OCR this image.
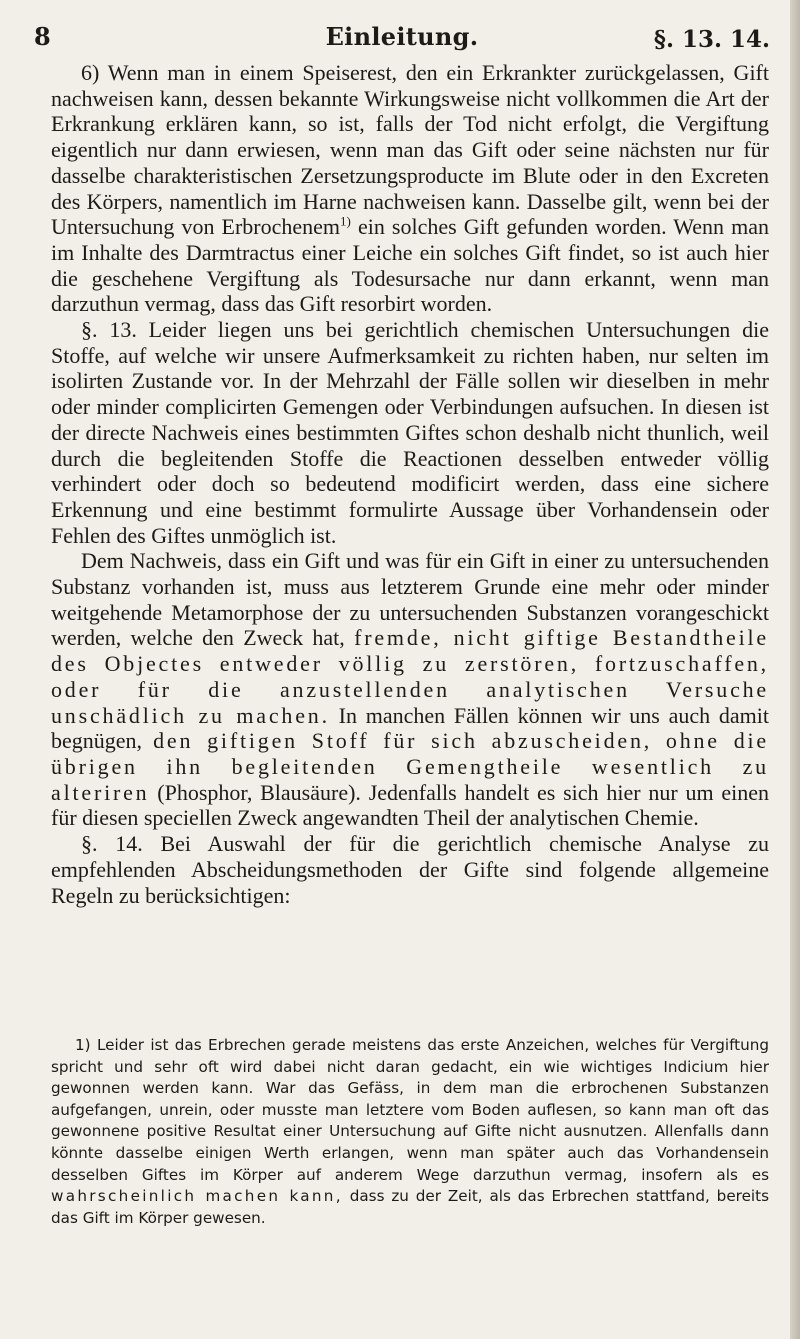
8	Einleitung.	§. 13. 14.

6) Wenn man in einem Speiserest, den ein Erkrankter zurückgelassen, Gift nachweisen kann, dessen bekannte Wirkungsweise nicht vollkommen die Art der Erkrankung erklären kann, so ist, falls der Tod nicht erfolgt, die Vergiftung eigentlich nur dann erwiesen, wenn man das Gift oder seine nächsten nur für dasselbe charakteristischen Zersetzungsproducte im Blute oder in den Excreten des Körpers, namentlich im Harne nachweisen kann. Dasselbe gilt, wenn bei der Untersuchung von Erbrochenem$^{1)}$ ein solches Gift gefunden worden. Wenn man im Inhalte des Darmtractus einer Leiche ein solches Gift findet, so ist auch hier die geschehene Vergiftung als Todesursache nur dann erkannt, wenn man darzuthun vermag, dass das Gift resorbirt worden.

§. 13. Leider liegen uns bei gerichtlich chemischen Untersuchungen die Stoffe, auf welche wir unsere Aufmerksamkeit zu richten haben, nur selten im isolirten Zustande vor. In der Mehrzahl der Fälle sollen wir dieselben in mehr oder minder complicirten Gemengen oder Verbindungen aufsuchen. In diesen ist der directe Nachweis eines bestimmten Giftes schon deshalb nicht thunlich, weil durch die begleitenden Stoffe die Reactionen desselben entweder völlig verhindert oder doch so bedeutend modificirt werden, dass eine sichere Erkennung und eine bestimmt formulirte Aussage über Vorhandensein oder Fehlen des Giftes unmöglich ist.

Dem Nachweis, dass ein Gift und was für ein Gift in einer zu untersuchenden Substanz vorhanden ist, muss aus letzterem Grunde eine mehr oder minder weitgehende Metamorphose der zu untersuchenden Substanzen vorangeschickt werden, welche den Zweck hat, fremde, nicht giftige Bestandtheile des Objectes entweder völlig zu zerstören, fortzuschaffen, oder für die anzustellenden analytischen Versuche unschädlich zu machen. In manchen Fällen können wir uns auch damit begnügen, den giftigen Stoff für sich abzuscheiden, ohne die übrigen ihn begleitenden Gemengtheile wesentlich zu alteriren (Phosphor, Blausäure). Jedenfalls handelt es sich hier nur um einen für diesen speciellen Zweck angewandten Theil der analytischen Chemie.

§. 14. Bei Auswahl der für die gerichtlich chemische Analyse zu empfehlenden Abscheidungsmethoden der Gifte sind folgende allgemeine Regeln zu berücksichtigen:

1) Leider ist das Erbrechen gerade meistens das erste Anzeichen, welches für Vergiftung spricht und sehr oft wird dabei nicht daran gedacht, ein wie wichtiges Indicium hier gewonnen werden kann. War das Gefäss, in dem man die erbrochenen Substanzen aufgefangen, unrein, oder musste man letztere vom Boden auflesen, so kann man oft das gewonnene positive Resultat einer Untersuchung auf Gifte nicht ausnutzen. Allenfalls dann könnte dasselbe einigen Werth erlangen, wenn man später auch das Vorhandensein desselben Giftes im Körper auf anderem Wege darzuthun vermag, insofern als es wahrscheinlich machen kann, dass zu der Zeit, als das Erbrechen stattfand, bereits das Gift im Körper gewesen.
